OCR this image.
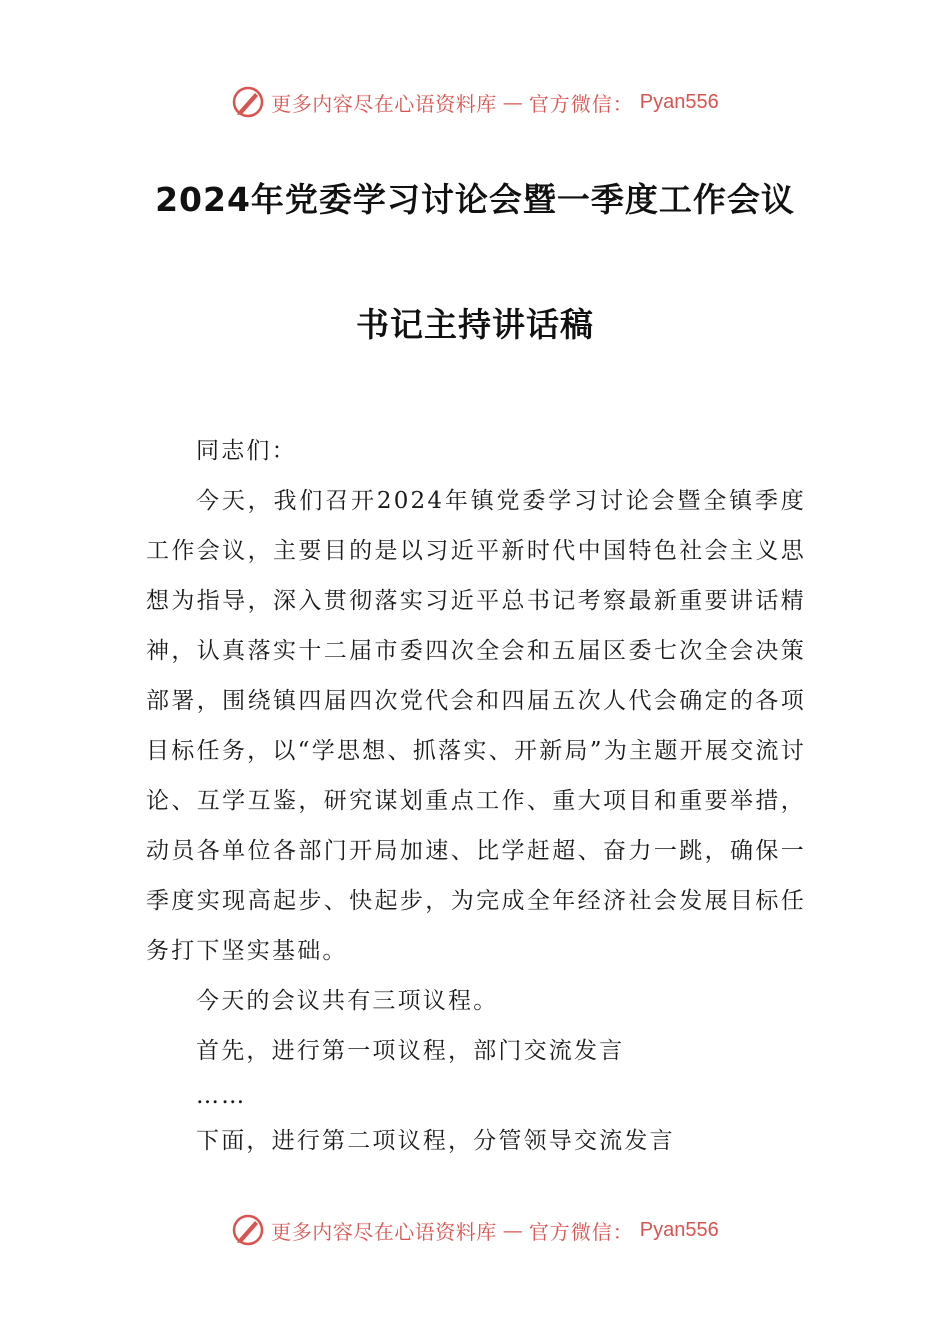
更多内容尽在心语资料库 — 官方微信： Pyan556
2024年党委学习讨论会暨一季度工作会议
书记主持讲话稿

同志们：

今天，我们召开2024年镇党委学习讨论会暨全镇季度工作会议，主要目的是以习近平新时代中国特色社会主义思想为指导，深入贯彻落实习近平总书记考察最新重要讲话精神，认真落实十二届市委四次全会和五届区委七次全会决策部署，围绕镇四届四次党代会和四届五次人代会确定的各项目标任务，以“学思想、抓落实、开新局”为主题开展交流讨论、互学互鉴，研究谋划重点工作、重大项目和重要举措，动员各单位各部门开局加速、比学赶超、奋力一跳，确保一季度实现高起步、快起步，为完成全年经济社会发展目标任务打下坚实基础。

今天的会议共有三项议程。

首先，进行第一项议程，部门交流发言

……

下面，进行第二项议程，分管领导交流发言

更多内容尽在心语资料库 — 官方微信： Pyan556
